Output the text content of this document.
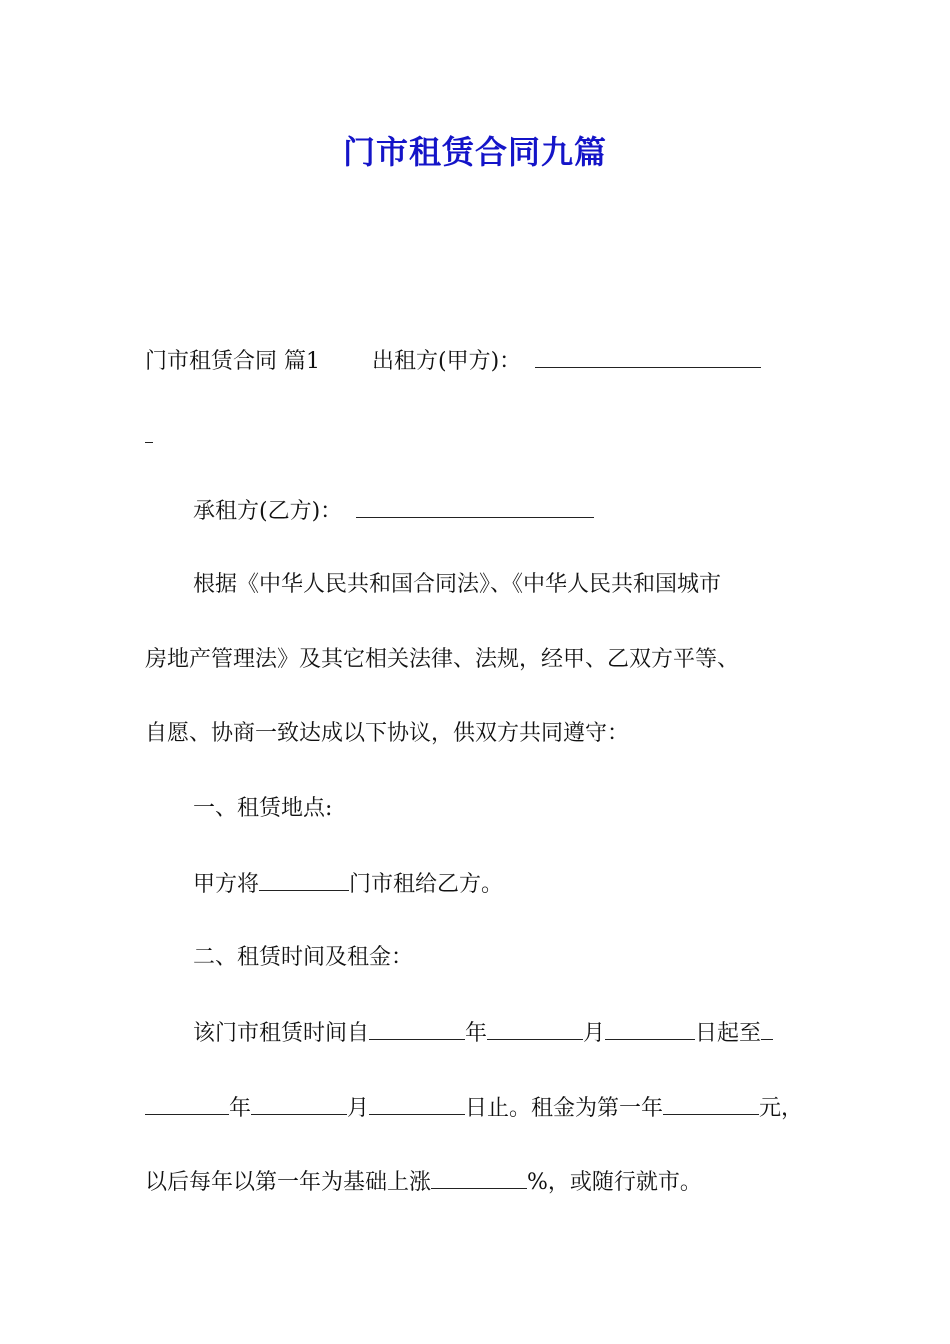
门市租赁合同九篇
门市租赁合同 篇1 出租方(甲方)：
承租方(乙方)：
根据《中华人民共和国合同法》、《中华人民共和国城市
房地产管理法》及其它相关法律、法规，经甲、乙双方平等、
自愿、协商一致达成以下协议，供双方共同遵守：
一、租赁地点:
甲方将	门市租给乙方。
二、租赁时间及租金：
该门市租赁时间自	年	月	日起至
年	月	日止。租金为第一年	元，
以后每年以第一年为基础上涨	%，或随行就市。
